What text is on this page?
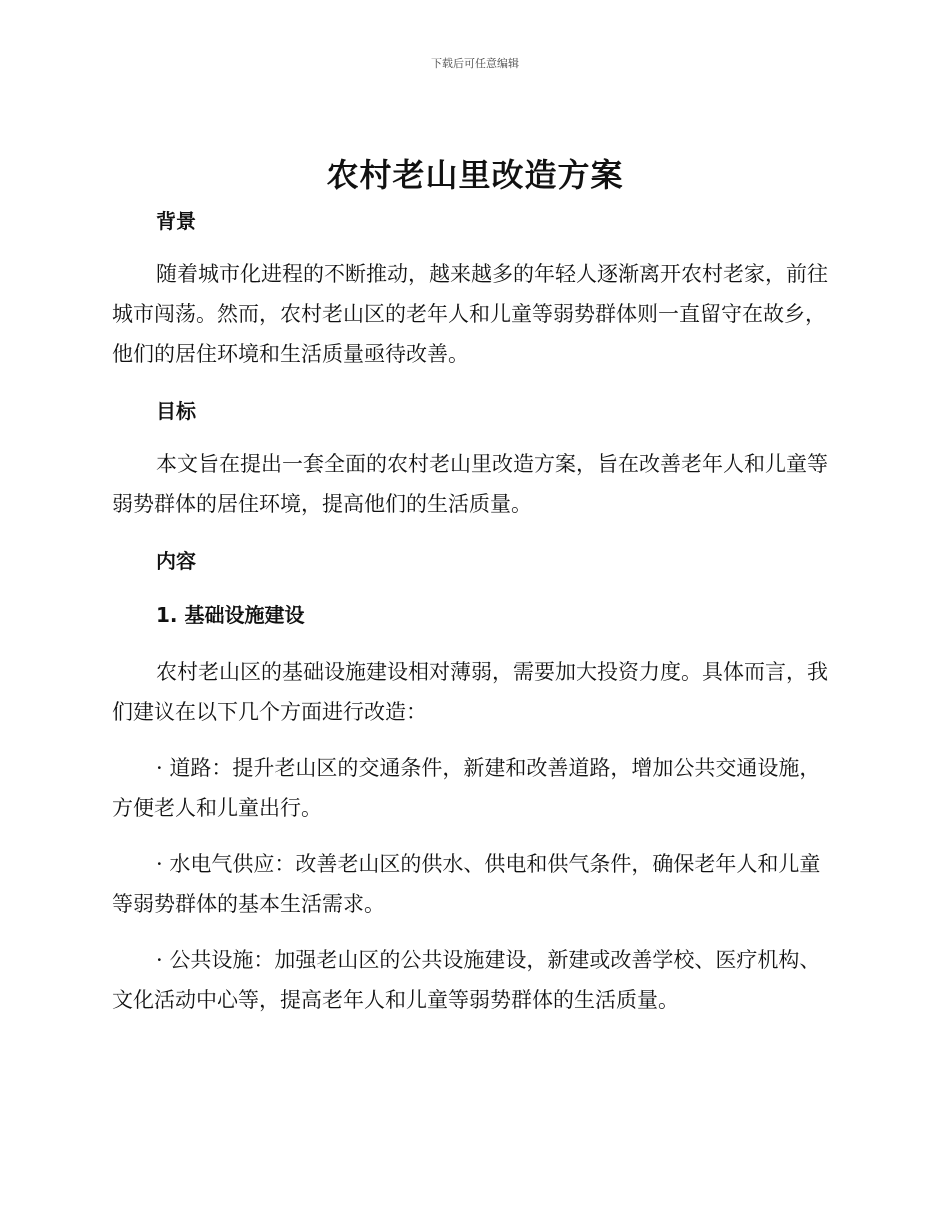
下载后可任意编辑
农村老山里改造方案
背景

随着城市化进程的不断推动，越来越多的年轻人逐渐离开农村老家，前往城市闯荡。然而，农村老山区的老年人和儿童等弱势群体则一直留守在故乡，他们的居住环境和生活质量亟待改善。

目标

本文旨在提出一套全面的农村老山里改造方案，旨在改善老年人和儿童等弱势群体的居住环境，提高他们的生活质量。

内容
1. 基础设施建设

农村老山区的基础设施建设相对薄弱，需要加大投资力度。具体而言，我们建议在以下几个方面进行改造：

· 道路：提升老山区的交通条件，新建和改善道路，增加公共交通设施，方便老人和儿童出行。

· 水电气供应：改善老山区的供水、供电和供气条件，确保老年人和儿童等弱势群体的基本生活需求。

· 公共设施：加强老山区的公共设施建设，新建或改善学校、医疗机构、文化活动中心等，提高老年人和儿童等弱势群体的生活质量。
